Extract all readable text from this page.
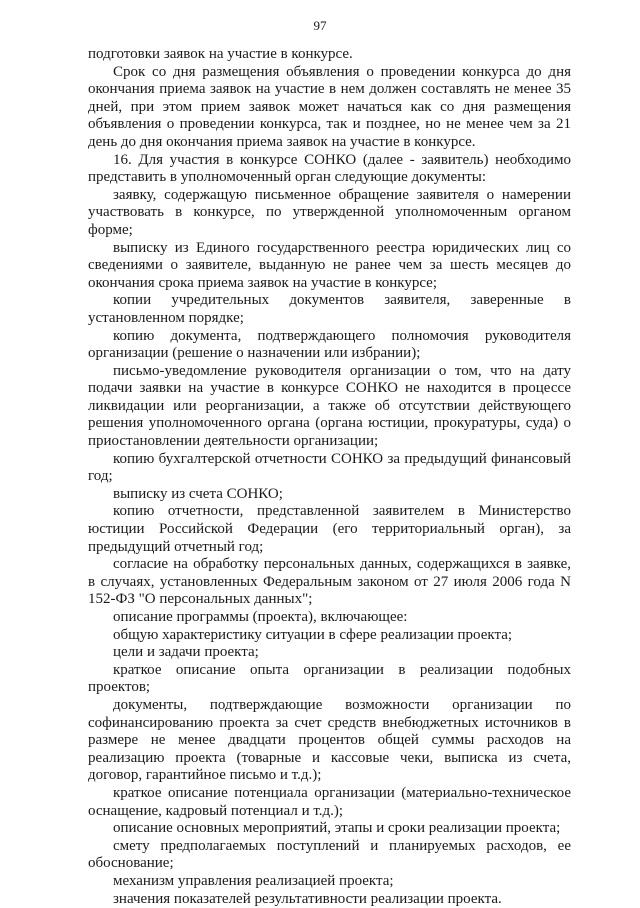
97

подготовки заявок на участие в конкурсе.

Срок со дня размещения объявления о проведении конкурса до дня окончания приема заявок на участие в нем должен составлять не менее 35 дней, при этом прием заявок может начаться как со дня размещения объявления о проведении конкурса, так и позднее, но не менее чем за 21 день до дня окончания приема заявок на участие в конкурсе.

16. Для участия в конкурсе СОНКО (далее - заявитель) необходимо представить в уполномоченный орган следующие документы:

заявку, содержащую письменное обращение заявителя о намерении участвовать в конкурсе, по утвержденной уполномоченным органом форме;

выписку из Единого государственного реестра юридических лиц со сведениями о заявителе, выданную не ранее чем за шесть месяцев до окончания срока приема заявок на участие в конкурсе;

копии учредительных документов заявителя, заверенные в установленном порядке;

копию документа, подтверждающего полномочия руководителя организации (решение о назначении или избрании);

письмо-уведомление руководителя организации о том, что на дату подачи заявки на участие в конкурсе СОНКО не находится в процессе ликвидации или реорганизации, а также об отсутствии действующего решения уполномоченного органа (органа юстиции, прокуратуры, суда) о приостановлении деятельности организации;

копию бухгалтерской отчетности СОНКО за предыдущий финансовый год;

выписку из счета СОНКО;

копию отчетности, представленной заявителем в Министерство юстиции Российской Федерации (его территориальный орган), за предыдущий отчетный год;

согласие на обработку персональных данных, содержащихся в заявке, в случаях, установленных Федеральным законом от 27 июля 2006 года N 152-ФЗ "О персональных данных";

описание программы (проекта), включающее:

общую характеристику ситуации в сфере реализации проекта;

цели и задачи проекта;

краткое описание опыта организации в реализации подобных проектов;

документы, подтверждающие возможности организации по софинансированию проекта за счет средств внебюджетных источников в размере не менее двадцати процентов общей суммы расходов на реализацию проекта (товарные и кассовые чеки, выписка из счета, договор, гарантийное письмо и т.д.);

краткое описание потенциала организации (материально-техническое оснащение, кадровый потенциал и т.д.);

описание основных мероприятий, этапы и сроки реализации проекта;

смету предполагаемых поступлений и планируемых расходов, ее обоснование;

механизм управления реализацией проекта;

значения показателей результативности реализации проекта.
